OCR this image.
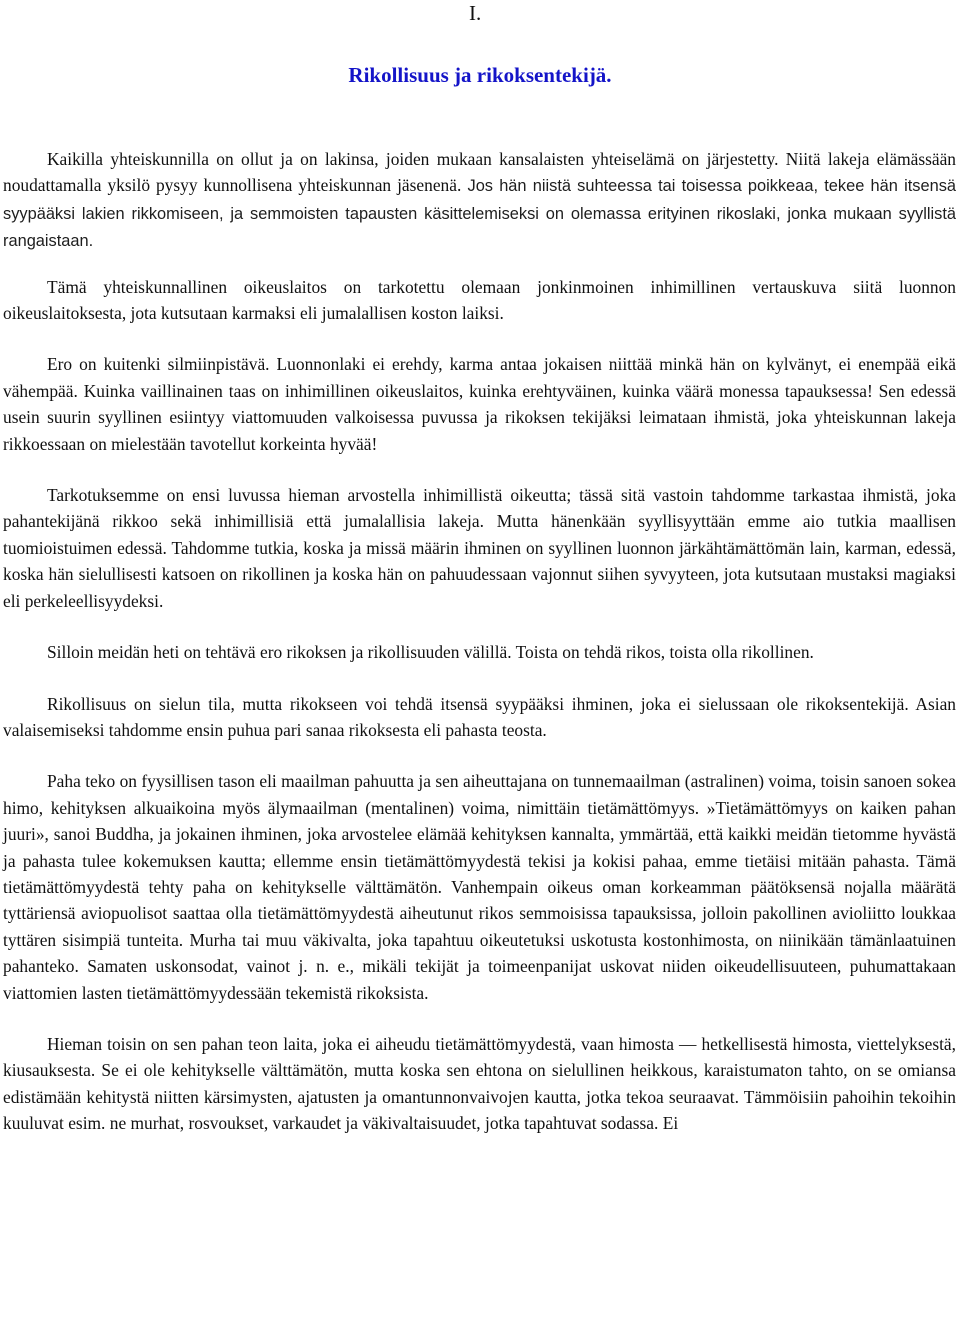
I.
Rikollisuus ja rikoksentekijä.

Kaikilla yhteiskunnilla on ollut ja on lakinsa, joiden mukaan kansalaisten yhteiselämä on järjestetty. Niitä lakeja elämässään noudattamalla yksilö pysyy kunnollisena yhteiskunnan jäsenenä. Jos hän niistä suhteessa tai toisessa poikkeaa, tekee hän itsensä syypääksi lakien rikkomiseen, ja semmoisten tapausten käsittelemiseksi on olemassa erityinen rikoslaki, jonka mukaan syyllistä rangaistaan.

Tämä yhteiskunnallinen oikeuslaitos on tarkotettu olemaan jonkinmoinen inhimillinen vertauskuva siitä luonnon oikeuslaitoksesta, jota kutsutaan karmaksi eli jumalallisen koston laiksi.

Ero on kuitenki silmiinpistävä. Luonnonlaki ei erehdy, karma antaa jokaisen niittää minkä hän on kylvänyt, ei enempää eikä vähempää. Kuinka vaillinainen taas on inhimillinen oikeuslaitos, kuinka erehtyväinen, kuinka väärä monessa tapauksessa! Sen edessä usein suurin syyllinen esiintyy viattomuuden valkoisessa puvussa ja rikoksen tekijäksi leimataan ihmistä, joka yhteiskunnan lakeja rikkoessaan on mielestään tavotellut korkeinta hyvää!

Tarkotuksemme on ensi luvussa hieman arvostella inhimillistä oikeutta; tässä sitä vastoin tahdomme tarkastaa ihmistä, joka pahantekijänä rikkoo sekä inhimillisiä että jumalallisia lakeja. Mutta hänenkään syyllisyyttään emme aio tutkia maallisen tuomioistuimen edessä. Tahdomme tutkia, koska ja missä määrin ihminen on syyllinen luonnon järkähtämättömän lain, karman, edessä, koska hän sielullisesti katsoen on rikollinen ja koska hän on pahuudessaan vajonnut siihen syvyyteen, jota kutsutaan mustaksi magiaksi eli perkeleellisyydeksi.

Silloin meidän heti on tehtävä ero rikoksen ja rikollisuuden välillä. Toista on tehdä rikos, toista olla rikollinen.

Rikollisuus on sielun tila, mutta rikokseen voi tehdä itsensä syypääksi ihminen, joka ei sielussaan ole rikoksentekijä. Asian valaisemiseksi tahdomme ensin puhua pari sanaa rikoksesta eli pahasta teosta.

Paha teko on fyysillisen tason eli maailman pahuutta ja sen aiheuttajana on tunnemaailman (astralinen) voima, toisin sanoen sokea himo, kehityksen alkuaikoina myös älymaailman (mentalinen) voima, nimittäin tietämättömyys. »Tietämättömyys on kaiken pahan juuri», sanoi Buddha, ja jokainen ihminen, joka arvostelee elämää kehityksen kannalta, ymmärtää, että kaikki meidän tietomme hyvästä ja pahasta tulee kokemuksen kautta; ellemme ensin tietämättömyydestä tekisi ja kokisi pahaa, emme tietäisi mitään pahasta. Tämä tietämättömyydestä tehty paha on kehitykselle välttämätön. Vanhempain oikeus oman korkeamman päätöksensä nojalla määrätä tyttäriensä aviopuolisot saattaa olla tietämättömyydestä aiheutunut rikos semmoisissa tapauksissa, jolloin pakollinen avioliitto loukkaa tyttären sisimpiä tunteita. Murha tai muu väkivalta, joka tapahtuu oikeutetuksi uskotusta kostonhimosta, on niinikään tämänlaatuinen pahanteko. Samaten uskonsodat, vainot j. n. e., mikäli tekijät ja toimeenpanijat uskovat niiden oikeudellisuuteen, puhumattakaan viattomien lasten tietämättömyydessään tekemistä rikoksista.

Hieman toisin on sen pahan teon laita, joka ei aiheudu tietämättömyydestä, vaan himosta — hetkellisestä himosta, viettelyksestä, kiusauksesta. Se ei ole kehitykselle välttämätön, mutta koska sen ehtona on sielullinen heikkous, karaistumaton tahto, on se omiansa edistämään kehitystä niitten kärsimysten, ajatusten ja omantunnonvaivojen kautta, jotka tekoa seuraavat. Tämmöisiin pahoihin tekoihin kuuluvat esim. ne murhat, rosvoukset, varkaudet ja väkivaltaisuudet, jotka tapahtuvat sodassa. Ei
